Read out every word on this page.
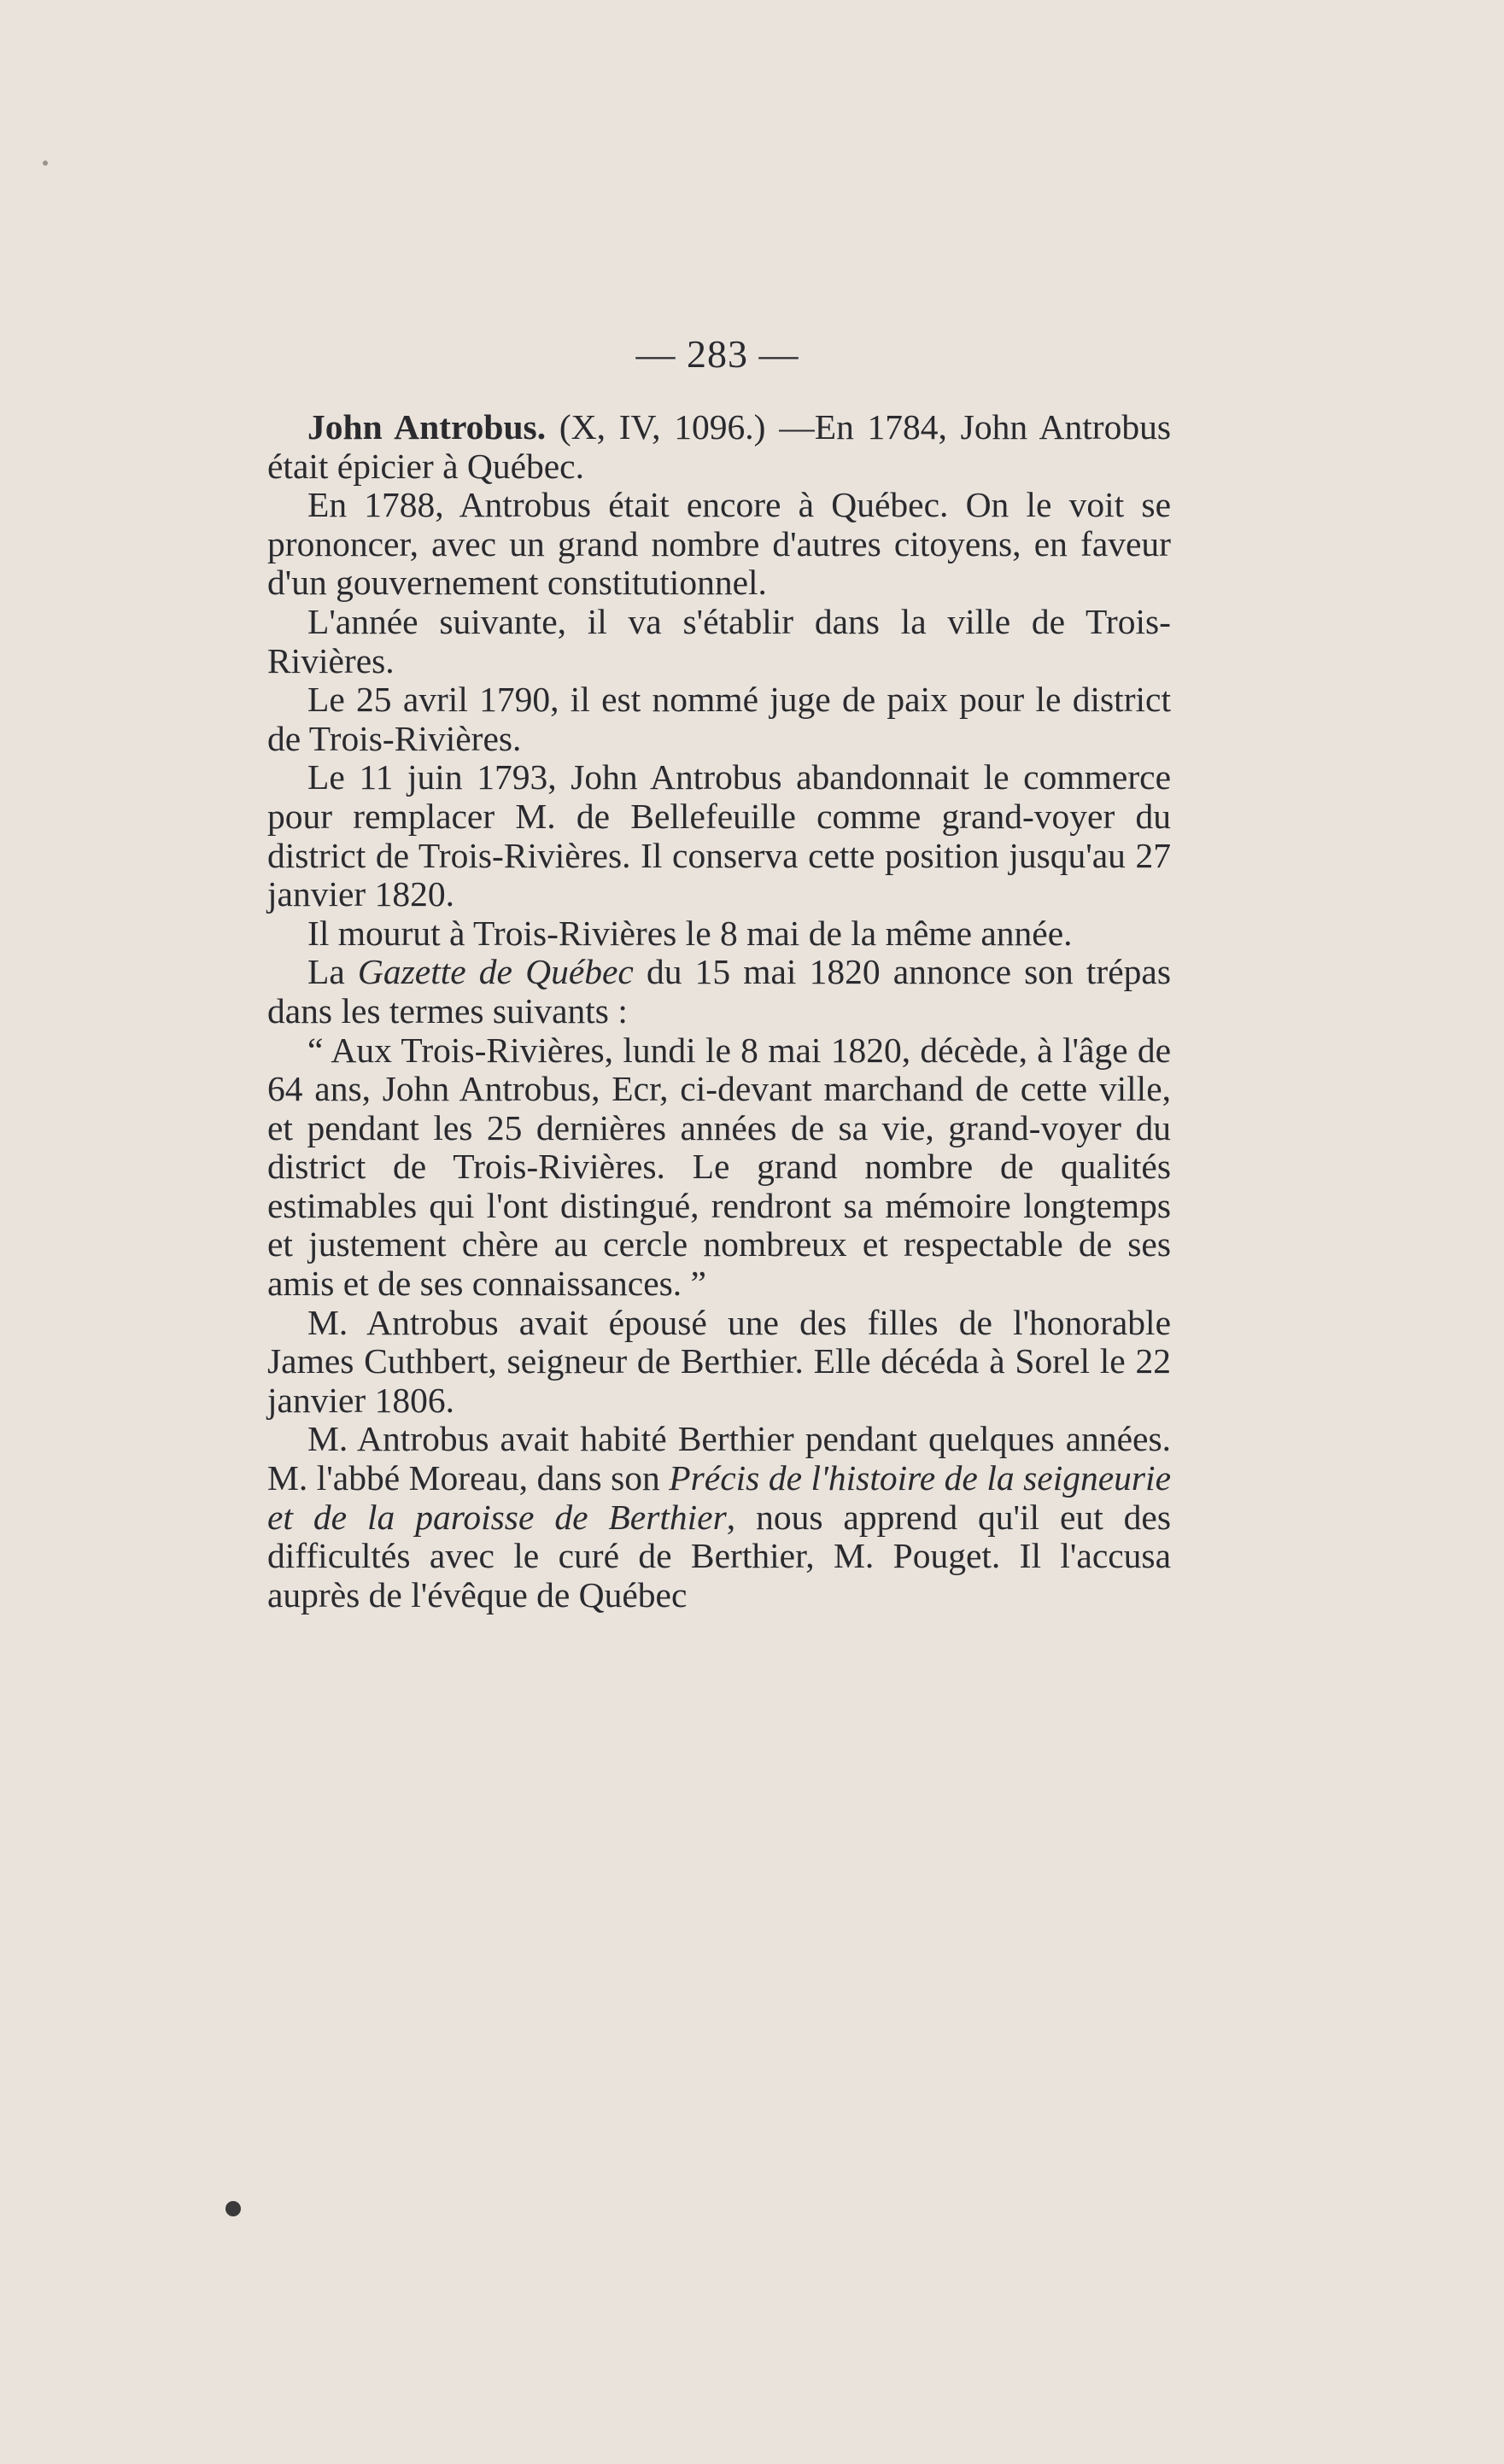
— 283 —

John Antrobus. (X, IV, 1096.) —En 1784, John Antrobus était épicier à Québec.

En 1788, Antrobus était encore à Québec. On le voit se prononcer, avec un grand nombre d'autres citoyens, en faveur d'un gouvernement constitutionnel.

L'année suivante, il va s'établir dans la ville de Trois-Rivières.

Le 25 avril 1790, il est nommé juge de paix pour le district de Trois-Rivières.

Le 11 juin 1793, John Antrobus abandonnait le commerce pour remplacer M. de Bellefeuille comme grand-voyer du district de Trois-Rivières. Il conserva cette position jusqu'au 27 janvier 1820.

Il mourut à Trois-Rivières le 8 mai de la même année.

La Gazette de Québec du 15 mai 1820 annonce son trépas dans les termes suivants :

“ Aux Trois-Rivières, lundi le 8 mai 1820, décède, à l'âge de 64 ans, John Antrobus, Ecr, ci-devant marchand de cette ville, et pendant les 25 dernières années de sa vie, grand-voyer du district de Trois-Rivières. Le grand nombre de qualités estimables qui l'ont distingué, rendront sa mémoire longtemps et justement chère au cercle nombreux et respectable de ses amis et de ses connaissances. ”

M. Antrobus avait épousé une des filles de l'honorable James Cuthbert, seigneur de Berthier. Elle décéda à Sorel le 22 janvier 1806.

M. Antrobus avait habité Berthier pendant quelques années. M. l'abbé Moreau, dans son Précis de l'histoire de la seigneurie et de la paroisse de Berthier, nous apprend qu'il eut des difficultés avec le curé de Berthier, M. Pouget. Il l'accusa auprès de l'évêque de Québec
